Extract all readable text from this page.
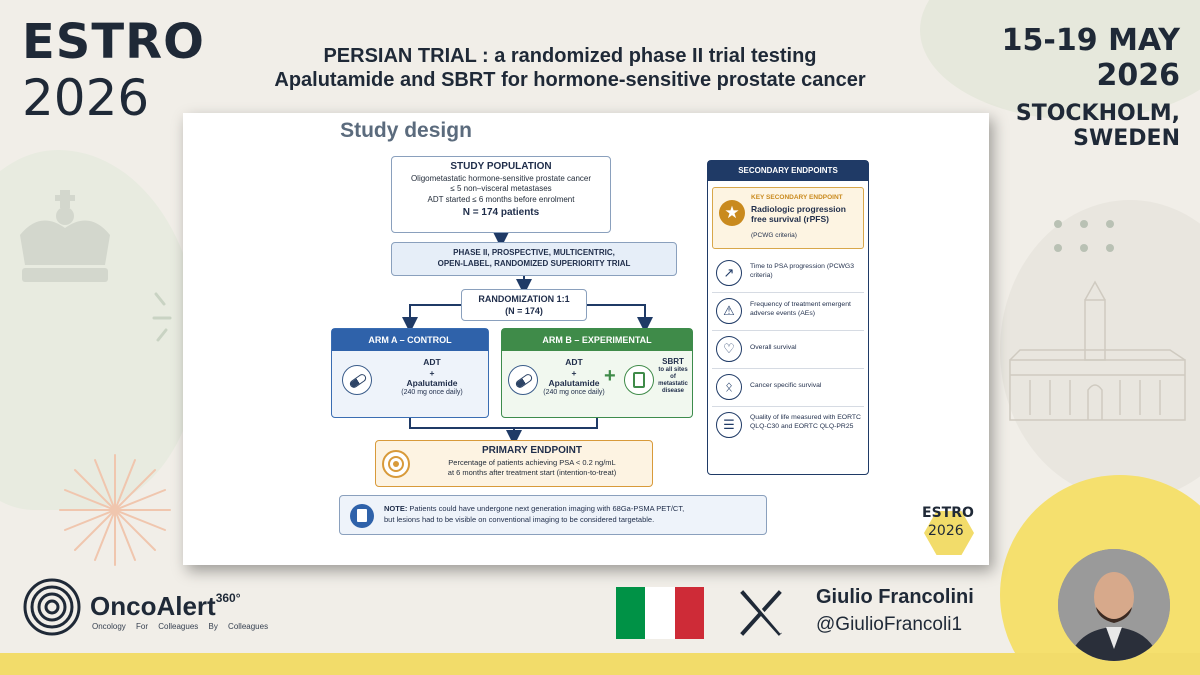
ESTRO
2026
PERSIAN TRIAL : a randomized phase II trial testing
Apalutamide and SBRT for hormone-sensitive prostate cancer
15-19 MAY 2026
STOCKHOLM, SWEDEN
Study design
STUDY POPULATION
Oligometastatic hormone-sensitive prostate cancer
≤ 5 non–visceral metastases
ADT started ≤ 6 months before enrolment
N = 174 patients
PHASE II, PROSPECTIVE, MULTICENTRIC,
OPEN-LABEL, RANDOMIZED SUPERIORITY TRIAL
RANDOMIZATION 1:1
(N = 174)
ARM A – CONTROL
ADT
+
Apalutamide
(240 mg once daily)
ARM B – EXPERIMENTAL
ADT
+
Apalutamide
(240 mg once daily)
+
SBRT
to all sites
of
metastatic
disease
PRIMARY ENDPOINT
Percentage of patients achieving PSA < 0.2 ng/mL
at 6 months after treatment start (intention-to-treat)
NOTE: Patients could have undergone next generation imaging with 68Ga-PSMA PET/CT,
but lesions had to be visible on conventional imaging to be considered targetable.
SECONDARY ENDPOINTS
★
KEY SECONDARY ENDPOINT
Radiologic progression free survival (rPFS)
(PCWG criteria)
↗	Time to PSA progression (PCWG3 criteria)
⚠	Frequency of treatment emergent adverse events (AEs)
♡	Overall survival
ᛟ	Cancer specific survival
☰	Quality of life measured with EORTC QLQ-C30 and EORTC QLQ-PR25
ESTRO
2026
OncoAlert$^{360^\circ}$
Oncology For Colleagues By Colleagues
Giulio Francolini
@GiulioFrancoli1
